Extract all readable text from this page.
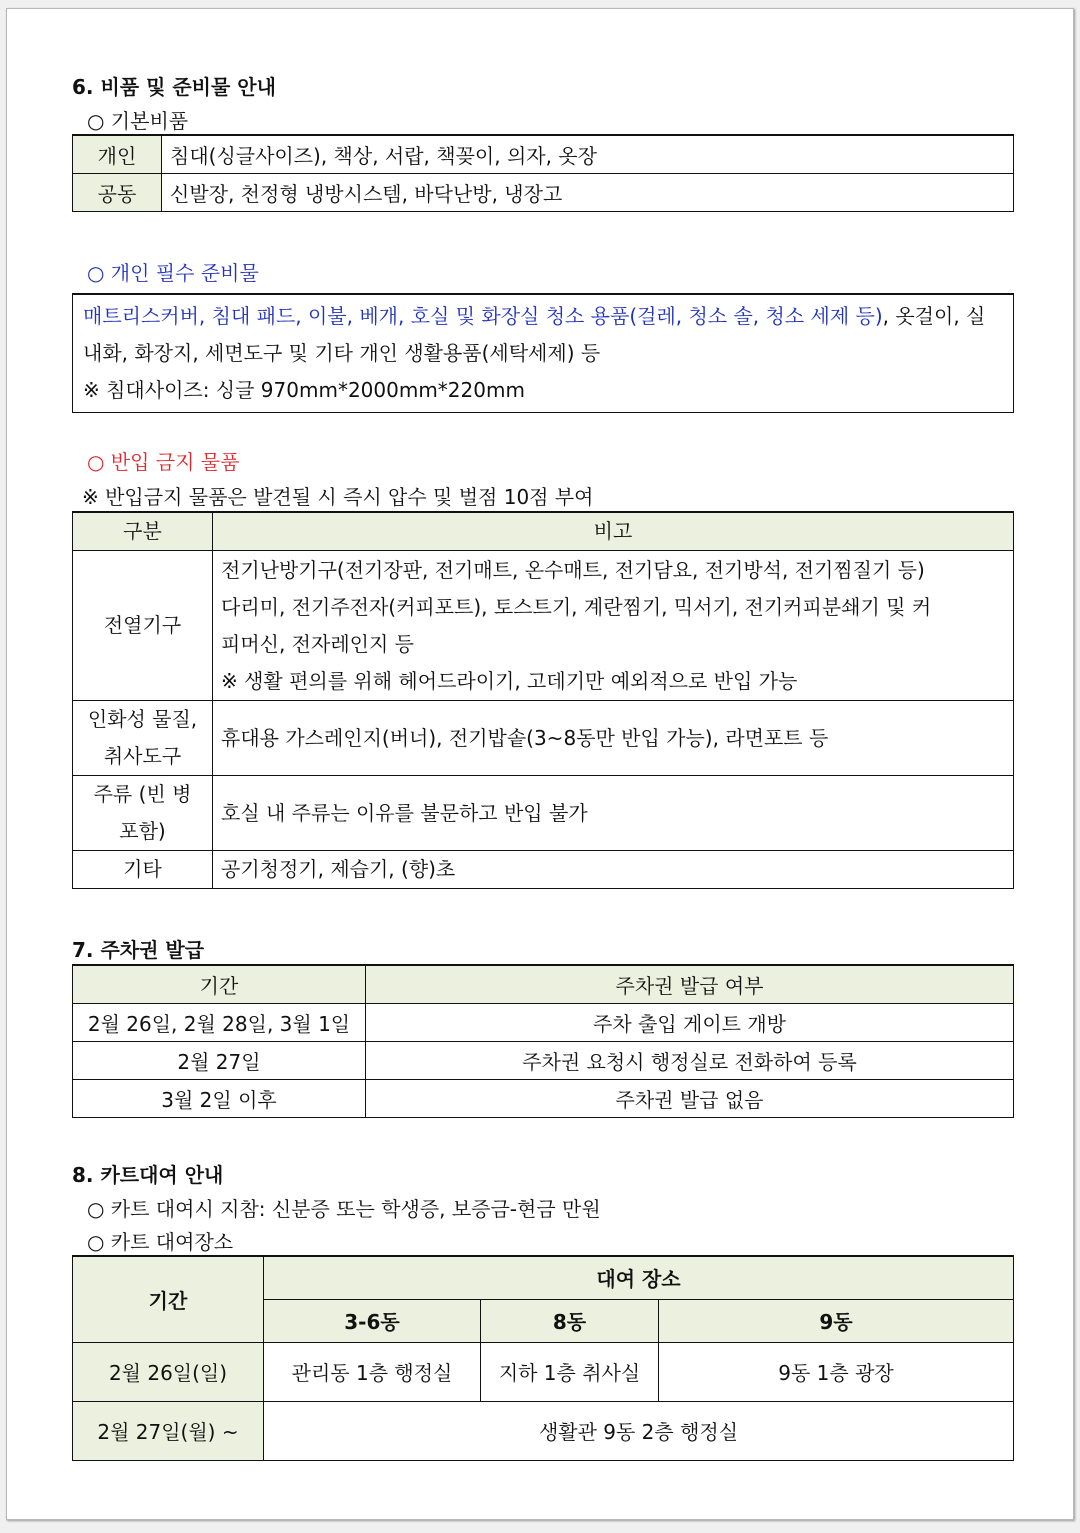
6. 비품 및 준비물 안내
○ 기본비품
개인	침대(싱글사이즈), 책상, 서랍, 책꽂이, 의자, 옷장
공동	신발장, 천정형 냉방시스템, 바닥난방, 냉장고
○ 개인 필수 준비물
매트리스커버, 침대 패드, 이불, 베개, 호실 및 화장실 청소 용품(걸레, 청소 솔, 청소 세제 등), 옷걸이, 실내화, 화장지, 세면도구 및 기타 개인 생활용품(세탁세제) 등
※ 침대사이즈: 싱글 970mm*2000mm*220mm
○ 반입 금지 물품
※ 반입금지 물품은 발견될 시 즉시 압수 및 벌점 10점 부여
구분	비고
전열기구	전기난방기구(전기장판, 전기매트, 온수매트, 전기담요, 전기방석, 전기찜질기 등)
다리미, 전기주전자(커피포트), 토스트기, 계란찜기, 믹서기, 전기커피분쇄기 및 커
피머신, 전자레인지 등
※ 생활 편의를 위해 헤어드라이기, 고데기만 예외적으로 반입 가능

인화성 물질, 취사도구	휴대용 가스레인지(버너), 전기밥솥(3~8동만 반입 가능), 라면포트 등
주류 (빈 병 포함)	호실 내 주류는 이유를 불문하고 반입 불가
기타	공기청정기, 제습기, (향)초
7. 주차권 발급
기간	주차권 발급 여부
2월 26일, 2월 28일, 3월 1일	주차 출입 게이트 개방
2월 27일	주차권 요청시 행정실로 전화하여 등록
3월 2일 이후	주차권 발급 없음
8. 카트대여 안내
○ 카트 대여시 지참: 신분증 또는 학생증, 보증금-현금 만원
○ 카트 대여장소
기간	대여 장소		
	3-6동	8동	9동
2월 26일(일)	관리동 1층 행정실	지하 1층 취사실	9동 1층 광장
2월 27일(월) ~	생활관 9동 2층 행정실		
